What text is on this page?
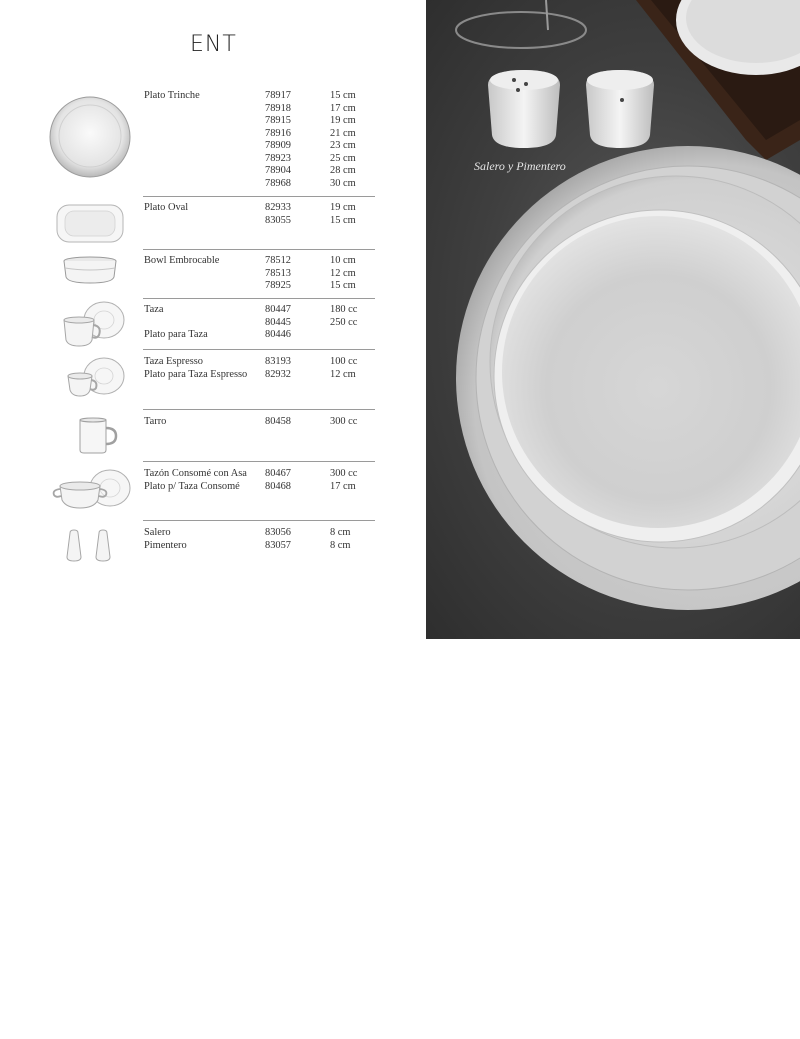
ENT
Plato Trinche	78917	15 cm
78918	17 cm
78915	19 cm
78916	21 cm
78909	23 cm
78923	25 cm
78904	28 cm
78968	30 cm
Plato Oval	82933	19 cm
83055	15 cm
Bowl Embrocable	78512	10 cm
78513	12 cm
78925	15 cm
Taza	80447	180 cc
80445	250 cc
Plato para Taza	80446
Taza Espresso	83193	100 cc
Plato para Taza Espresso	82932	12 cm
Tarro	80458	300 cc
Tazón Consomé con Asa	80467	300 cc
Plato p/ Taza Consomé	80468	17 cm
Salero	83056	8 cm
Pimentero	83057	8 cm
Salero y Pimentero
